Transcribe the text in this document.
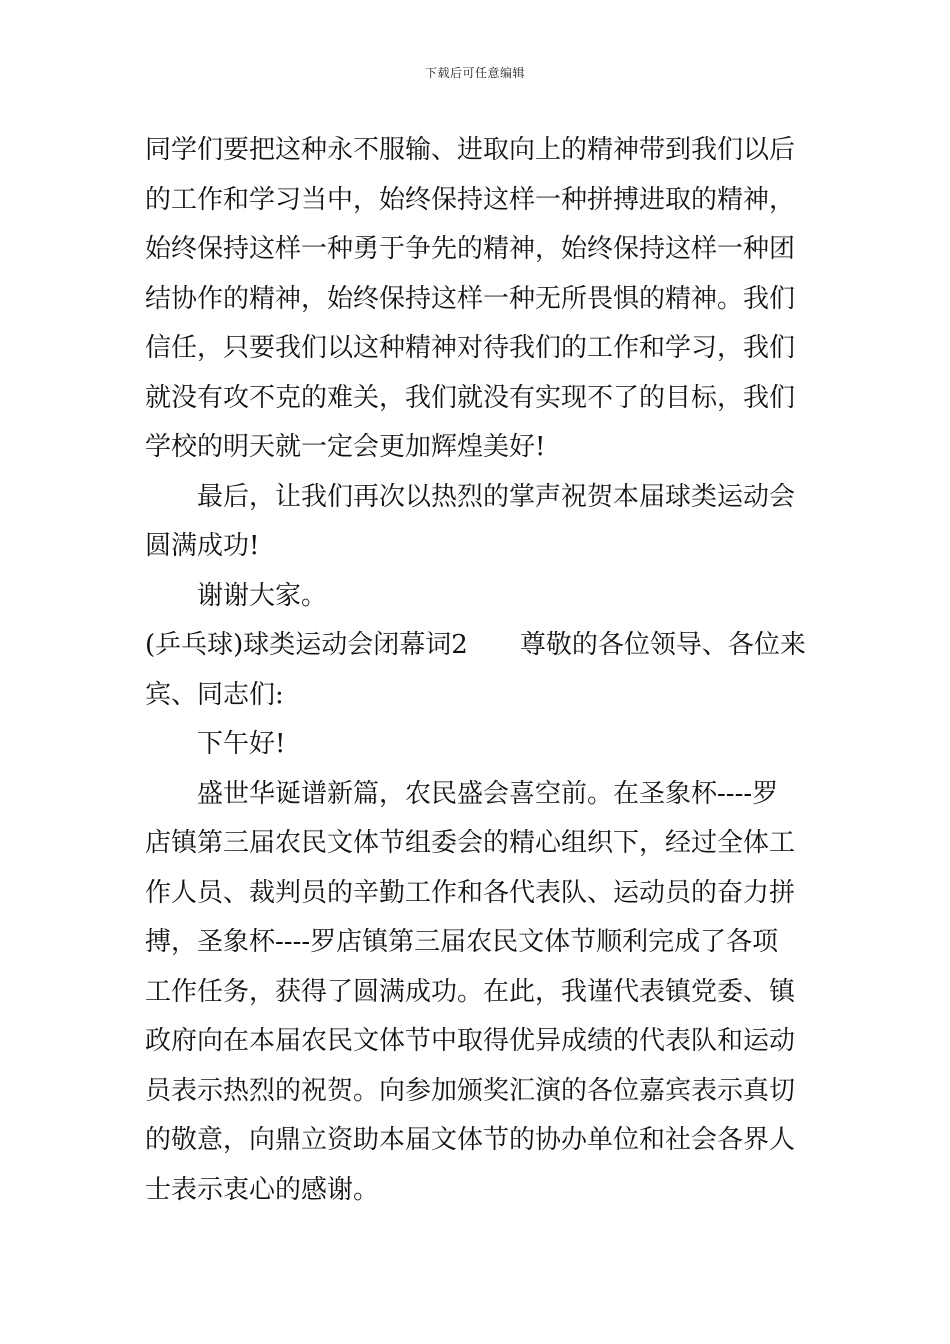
下载后可任意编辑
同学们要把这种永不服输、进取向上的精神带到我们以后
的工作和学习当中，始终保持这样一种拼搏进取的精神，
始终保持这样一种勇于争先的精神，始终保持这样一种团
结协作的精神，始终保持这样一种无所畏惧的精神。我们
信任，只要我们以这种精神对待我们的工作和学习，我们
就没有攻不克的难关，我们就没有实现不了的目标，我们
学校的明天就一定会更加辉煌美好!
最后，让我们再次以热烈的掌声祝贺本届球类运动会
圆满成功!
谢谢大家。
(乒乓球)球类运动会闭幕词2　　尊敬的各位领导、各位来
宾、同志们:
下午好!
盛世华诞谱新篇，农民盛会喜空前。在圣象杯----罗
店镇第三届农民文体节组委会的精心组织下，经过全体工
作人员、裁判员的辛勤工作和各代表队、运动员的奋力拼
搏，圣象杯----罗店镇第三届农民文体节顺利完成了各项
工作任务，获得了圆满成功。在此，我谨代表镇党委、镇
政府向在本届农民文体节中取得优异成绩的代表队和运动
员表示热烈的祝贺。向参加颁奖汇演的各位嘉宾表示真切
的敬意，向鼎立资助本届文体节的协办单位和社会各界人
士表示衷心的感谢。
